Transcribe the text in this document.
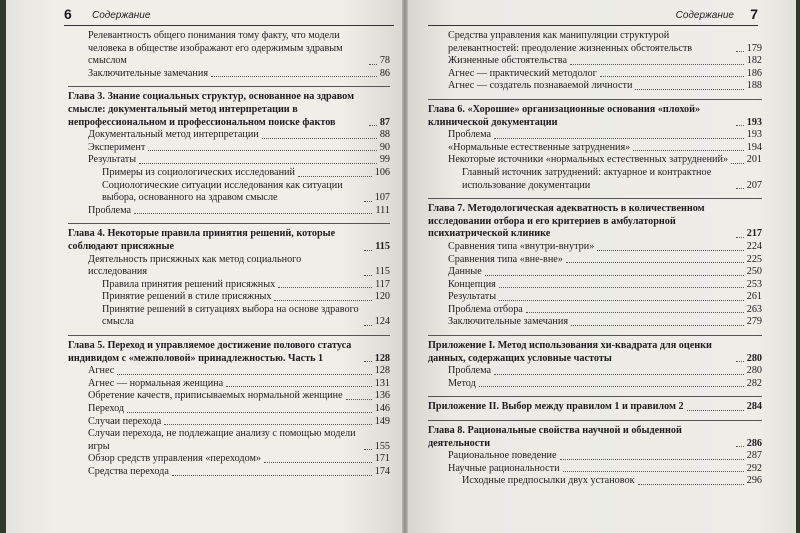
6 Содержание
Релевантность общего понимания тому факту, что модели человека в обществе изображают его одержимым здравым смыслом	78
Заключительные замечания	86
Глава 3. Знание социальных структур, основанное на здравом смысле: документальный метод интерпретации в непрофессиональном и профессиональном поиске фактов	87
Документальный метод интерпретации	88
Эксперимент	90
Результаты	99
Примеры из социологических исследований	106
Социологические ситуации исследования как ситуации выбора, основанного на здравом смысле	107
Проблема	111
Глава 4. Некоторые правила принятия решений, которые соблюдают присяжные	115
Деятельность присяжных как метод социального исследования	115
Правила принятия решений присяжных	117
Принятие решений в стиле присяжных	120
Принятие решений в ситуациях выбора на основе здравого смысла	124
Глава 5. Переход и управляемое достижение полового статуса индивидом с «межполовой» принадлежностью. Часть 1	128
Агнес	128
Агнес — нормальная женщина	131
Обретение качеств, приписываемых нормальной женщине	136
Переход	146
Случаи перехода	149
Случаи перехода, не подлежащие анализу с помощью модели игры	155
Обзор средств управления «переходом»	171
Средства перехода	174
Содержание 7
Средства управления как манипуляции структурой релевантностей: преодоление жизненных обстоятельств	179
Жизненные обстоятельства	182
Агнес — практический методолог	186
Агнес — создатель познаваемой личности	188
Глава 6. «Хорошие» организационные основания «плохой» клинической документации	193
Проблема	193
«Нормальные естественные затруднения»	194
Некоторые источники «нормальных естественных затруднений» 201
Главный источник затруднений: актуарное и контрактное использование документации	207
Глава 7. Методологическая адекватность в количественном исследовании отбора и его критериев в амбулаторной психиатрической клинике	217
Сравнения типа «внутри-внутри»	224
Сравнения типа «вне-вне»	225
Данные	250
Концепция	253
Результаты	261
Проблема отбора	263
Заключительные замечания	279
Приложение I. Метод использования хи-квадрата для оценки данных, содержащих условные частоты	280
Проблема	280
Метод	282
Приложение II. Выбор между правилом 1 и правилом 2	284
Глава 8. Рациональные свойства научной и обыденной деятельности	286
Рациональное поведение	287
Научные рациональности	292
Исходные предпосылки двух установок	296
